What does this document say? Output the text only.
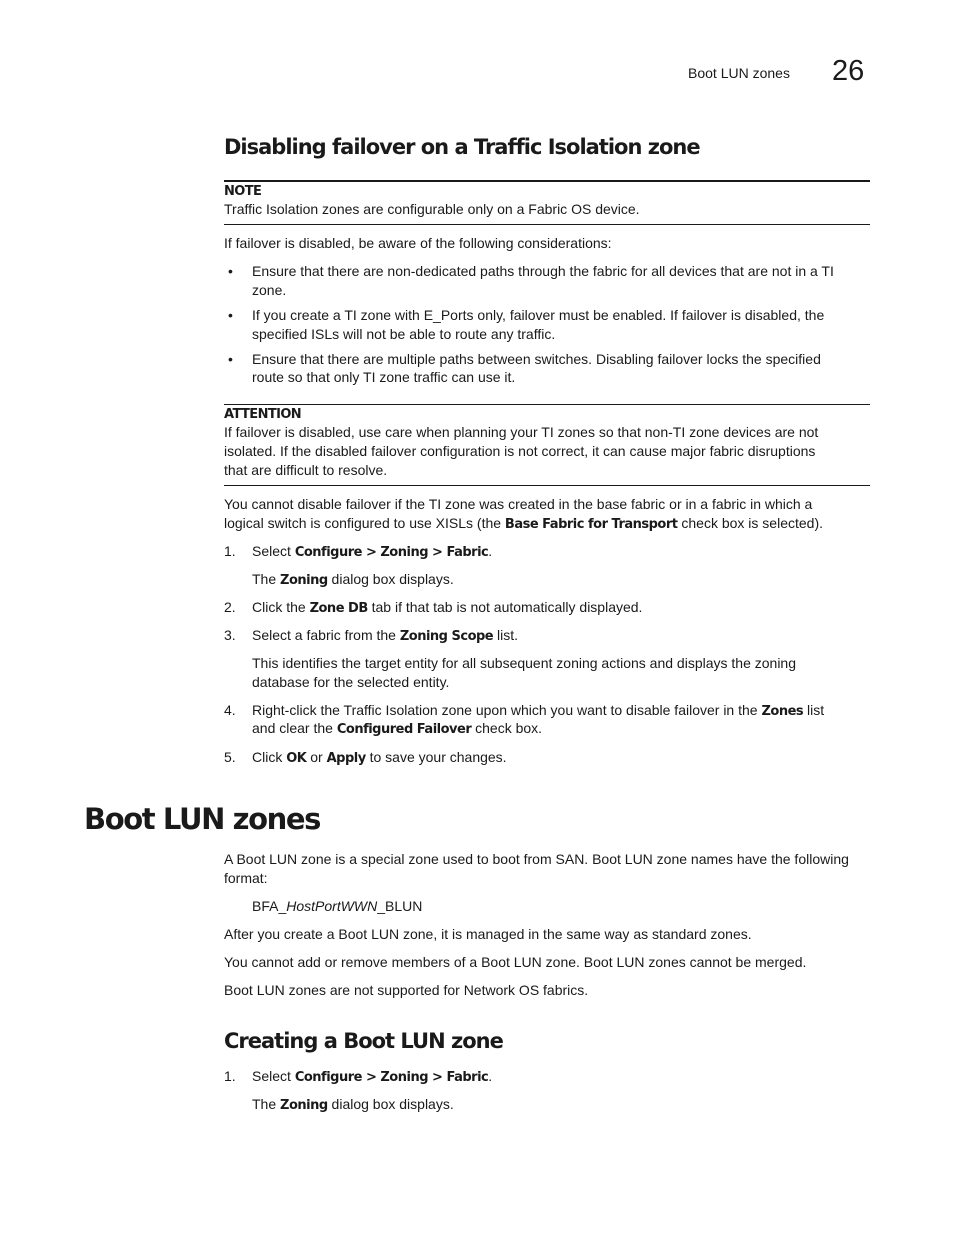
Boot LUN zones 26
Disabling failover on a Traffic Isolation zone
NOTE
Traffic Isolation zones are configurable only on a Fabric OS device.
If failover is disabled, be aware of the following considerations:
• Ensure that there are non-dedicated paths through the fabric for all devices that are not in a TI
zone.
• If you create a TI zone with E_Ports only, failover must be enabled. If failover is disabled, the
specified ISLs will not be able to route any traffic.
• Ensure that there are multiple paths between switches. Disabling failover locks the specified
route so that only TI zone traffic can use it.
ATTENTION
If failover is disabled, use care when planning your TI zones so that non-TI zone devices are not
isolated. If the disabled failover configuration is not correct, it can cause major fabric disruptions
that are difficult to resolve.
You cannot disable failover if the TI zone was created in the base fabric or in a fabric in which a
logical switch is configured to use XISLs (the Base Fabric for Transport check box is selected).
1. Select Configure > Zoning > Fabric.
The Zoning dialog box displays.
2. Click the Zone DB tab if that tab is not automatically displayed.
3. Select a fabric from the Zoning Scope list.
This identifies the target entity for all subsequent zoning actions and displays the zoning
database for the selected entity.
4. Right-click the Traffic Isolation zone upon which you want to disable failover in the Zones list
and clear the Configured Failover check box.
5. Click OK or Apply to save your changes.
Boot LUN zones
A Boot LUN zone is a special zone used to boot from SAN. Boot LUN zone names have the following
format:
BFA_HostPortWWN_BLUN
After you create a Boot LUN zone, it is managed in the same way as standard zones.
You cannot add or remove members of a Boot LUN zone. Boot LUN zones cannot be merged.
Boot LUN zones are not supported for Network OS fabrics.
Creating a Boot LUN zone
1. Select Configure > Zoning > Fabric.
The Zoning dialog box displays.
